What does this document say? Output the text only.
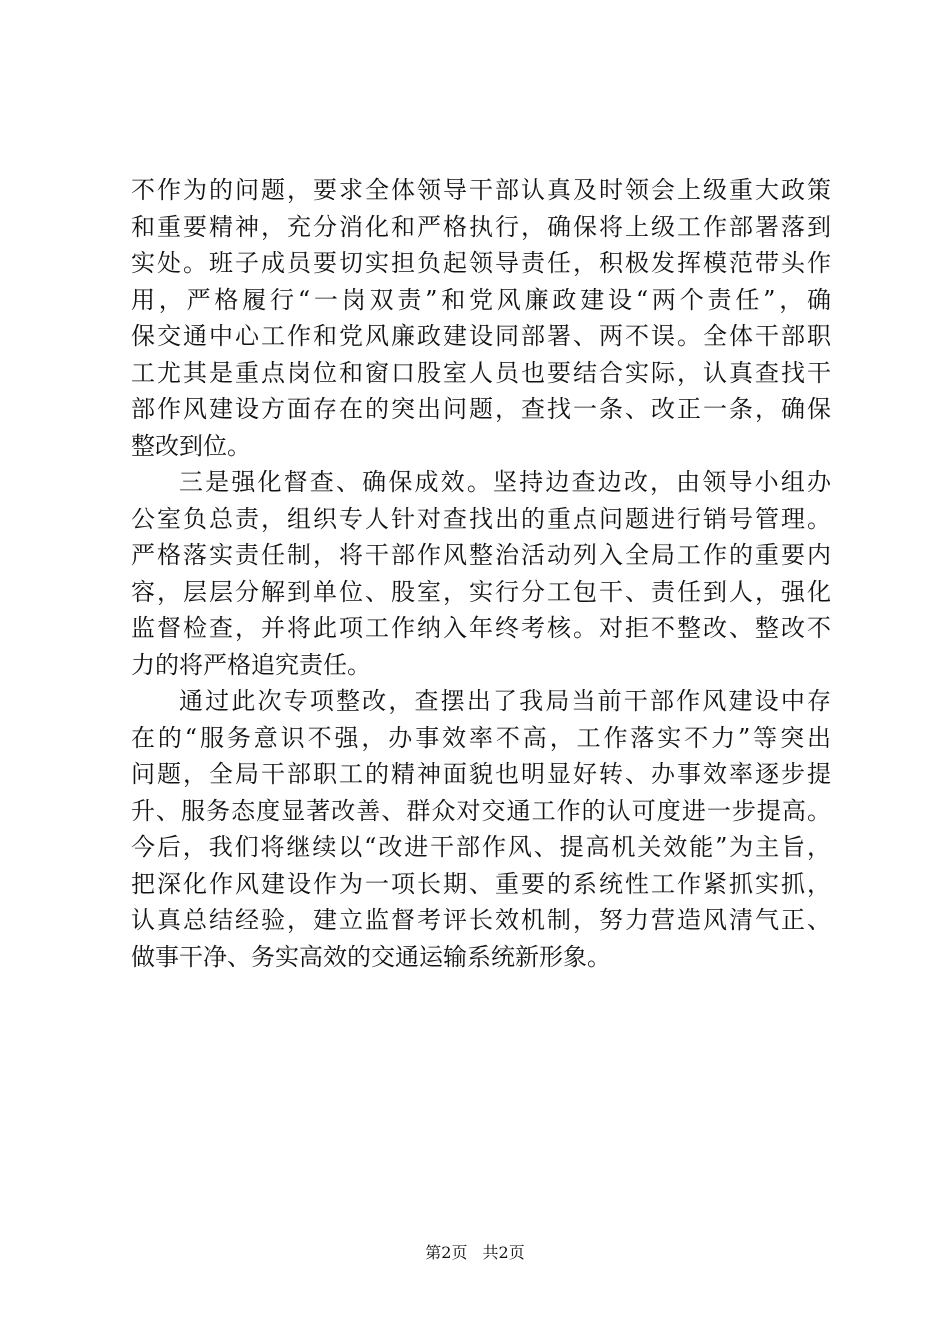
不作为的问题，要求全体领导干部认真及时领会上级重大政策
和重要精神，充分消化和严格执行，确保将上级工作部署落到
实处。班子成员要切实担负起领导责任，积极发挥模范带头作
用，严格履行“一岗双责”和党风廉政建设“两个责任”，确
保交通中心工作和党风廉政建设同部署、两不误。全体干部职
工尤其是重点岗位和窗口股室人员也要结合实际，认真查找干
部作风建设方面存在的突出问题，查找一条、改正一条，确保
整改到位。
三是强化督查、确保成效。坚持边查边改，由领导小组办
公室负总责，组织专人针对查找出的重点问题进行销号管理。
严格落实责任制，将干部作风整治活动列入全局工作的重要内
容，层层分解到单位、股室，实行分工包干、责任到人，强化
监督检查，并将此项工作纳入年终考核。对拒不整改、整改不
力的将严格追究责任。
通过此次专项整改，查摆出了我局当前干部作风建设中存
在的“服务意识不强，办事效率不高，工作落实不力”等突出
问题，全局干部职工的精神面貌也明显好转、办事效率逐步提
升、服务态度显著改善、群众对交通工作的认可度进一步提高。
今后，我们将继续以“改进干部作风、提高机关效能”为主旨，
把深化作风建设作为一项长期、重要的系统性工作紧抓实抓，
认真总结经验，建立监督考评长效机制，努力营造风清气正、
做事干净、务实高效的交通运输系统新形象。
第2页 共2页
